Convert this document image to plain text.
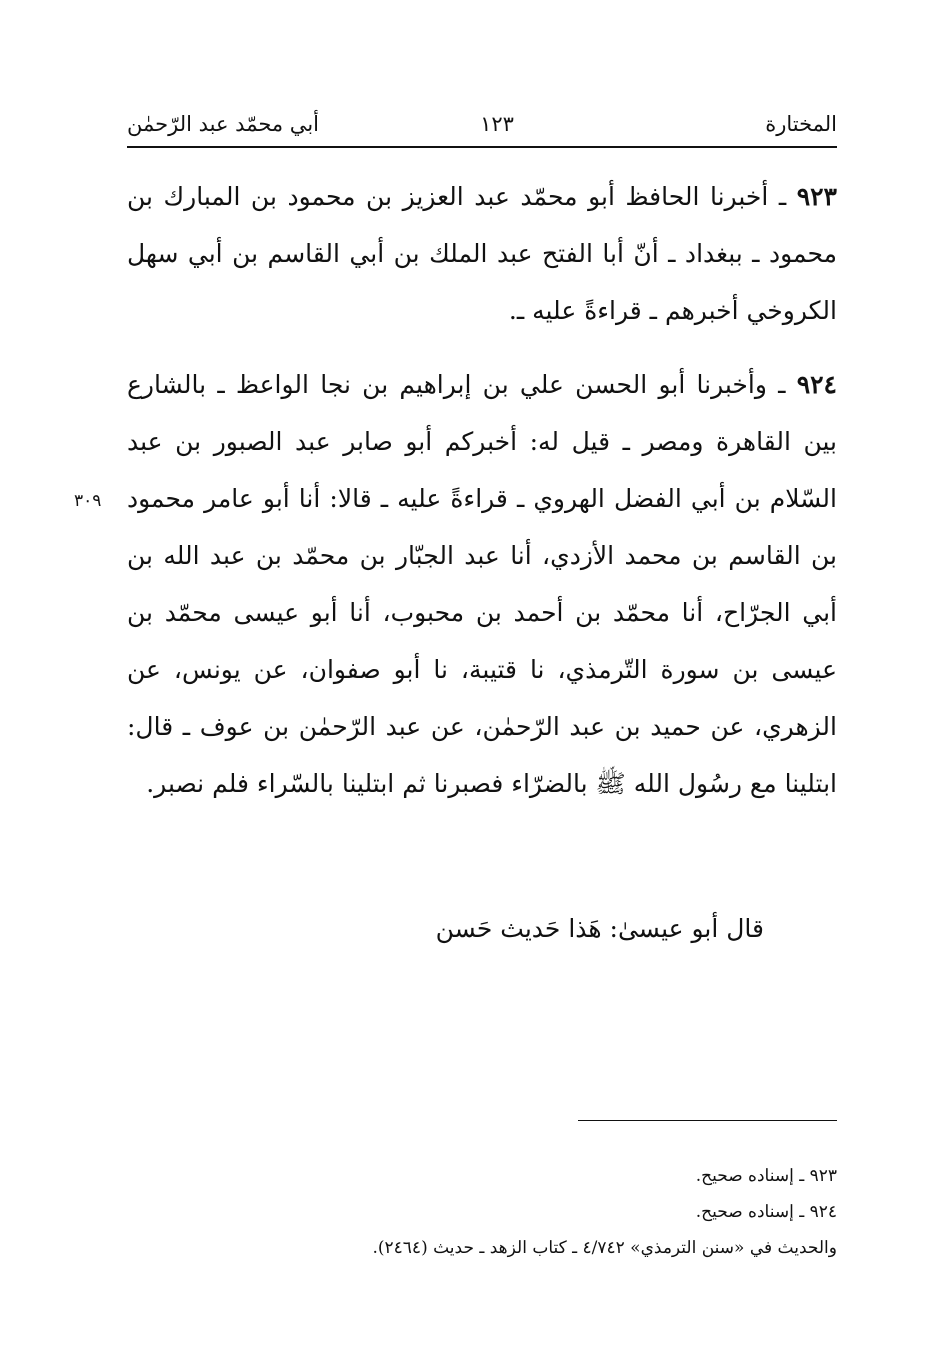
المختارة
١٢٣
أبي محمّد عبد الرّحمٰن

٩٢٣ ـ أخبرنا الحافظ أبو محمّد عبد العزيز بن محمود بن المبارك بن محمود ـ ببغداد ـ أنّ أبا الفتح عبد الملك بن أبي القاسم بن أبي سهل الكروخي أخبرهم ـ قراءةً عليه ـ.

٩٢٤ ـ وأخبرنا أبو الحسن علي بن إبراهيم بن نجا الواعظ ـ بالشارع بين القاهرة ومصر ـ قيل له: أخبركم أبو صابر عبد الصبور بن عبد السّلام بن أبي الفضل الهروي ـ قراءةً عليه ـ قالا: أنا أبو عامر محمود بن القاسم بن محمد الأزدي، أنا عبد الجبّار بن محمّد بن عبد الله بن أبي الجرّاح، أنا محمّد بن أحمد بن محبوب، أنا أبو عيسى محمّد بن عيسى بن سورة التّرمذي، نا قتيبة، نا أبو صفوان، عن يونس، عن الزهري، عن حميد بن عبد الرّحمٰن، عن عبد الرّحمٰن بن عوف ـ قال: ابتلينا مع رسُول الله ﷺ بالضرّاء فصبرنا ثم ابتلينا بالسّراء فلم نصبر.

٣٠٩

قال أبو عيسىٰ: هَذا حَديث حَسن

٩٢٣ ـ إسناده صحيح.
٩٢٤ ـ إسناده صحيح.
والحديث في «سنن الترمذي» ٤/٧٤٢ ـ كتاب الزهد ـ حديث (٢٤٦٤).
